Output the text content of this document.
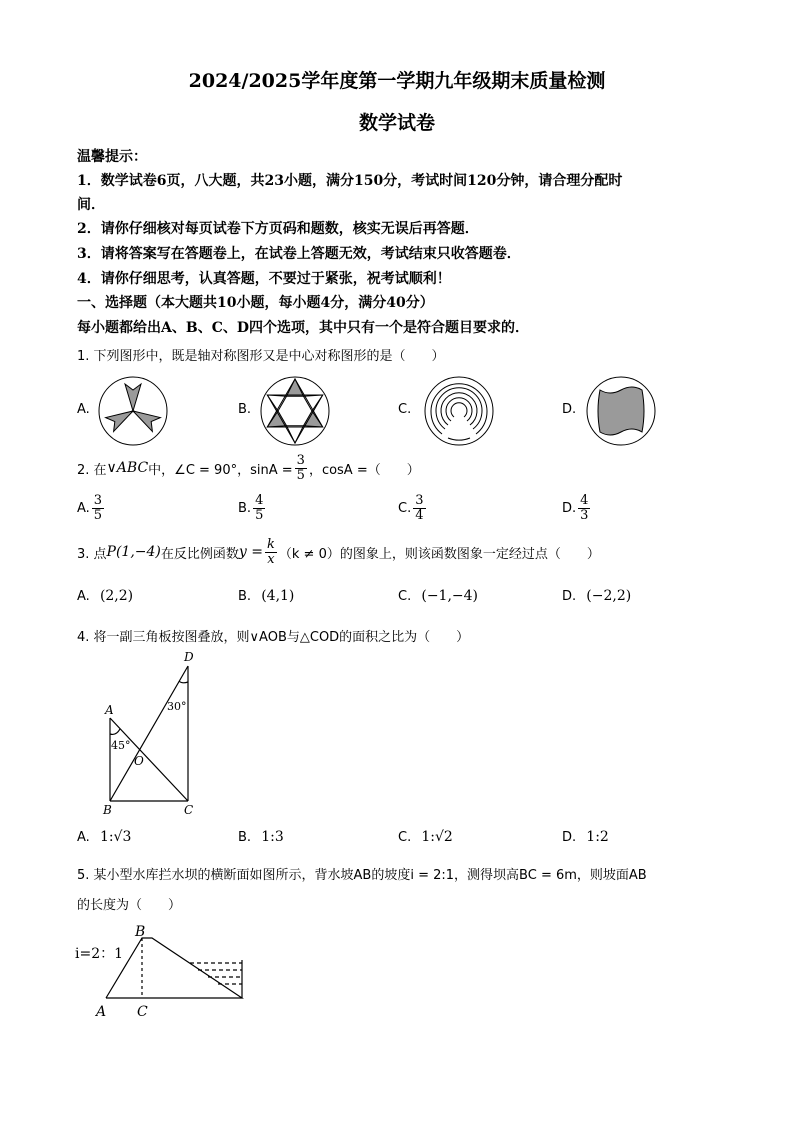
2024/2025学年度第一学期九年级期末质量检测
数学试卷
温馨提示：
1．数学试卷6页，八大题，共23小题，满分150分，考试时间120分钟，请合理分配时
间．
2．请你仔细核对每页试卷下方页码和题数，核实无误后再答题．
3．请将答案写在答题卷上，在试卷上答题无效，考试结束只收答题卷．
4．请你仔细思考，认真答题，不要过于紧张，祝考试顺利！
一、选择题（本大题共10小题，每小题4分，满分40分）
每小题都给出A、B、C、D四个选项，其中只有一个是符合题目要求的．
1. 下列图形中，既是轴对称图形又是中心对称图形的是（　　）
A.	B.	C.	D.
2. 在 ∨ABC 中，∠C = 90°，$\sin A = \frac{3}{5}$ ，cosA =（　　）
A. $\frac{3}{5}$	B. $\frac{4}{5}$	C. $\frac{3}{4}$	D. $\frac{4}{3}$
3. 点 P(1,−4) 在反比例函数 $y = \frac{k}{x} (k \ne 0)$ 的图象上，则该函数图象一定经过点（　　）
A. (2,2)	B. (4,1)	C. (−1,−4)	D. (−2,2)
4. 将一副三角板按图叠放，则∨AOB与△COD的面积之比为（　　）
D
A	30°
45°
O
B	C
A. 1:√3	B. 1:3	C. 1:√2	D. 1:2
5. 某小型水库拦水坝的横断面如图所示，背水坡AB的坡度i = 2:1，测得坝高BC = 6m，则坡面AB
的长度为（　　）
B
i=2：1
A C
